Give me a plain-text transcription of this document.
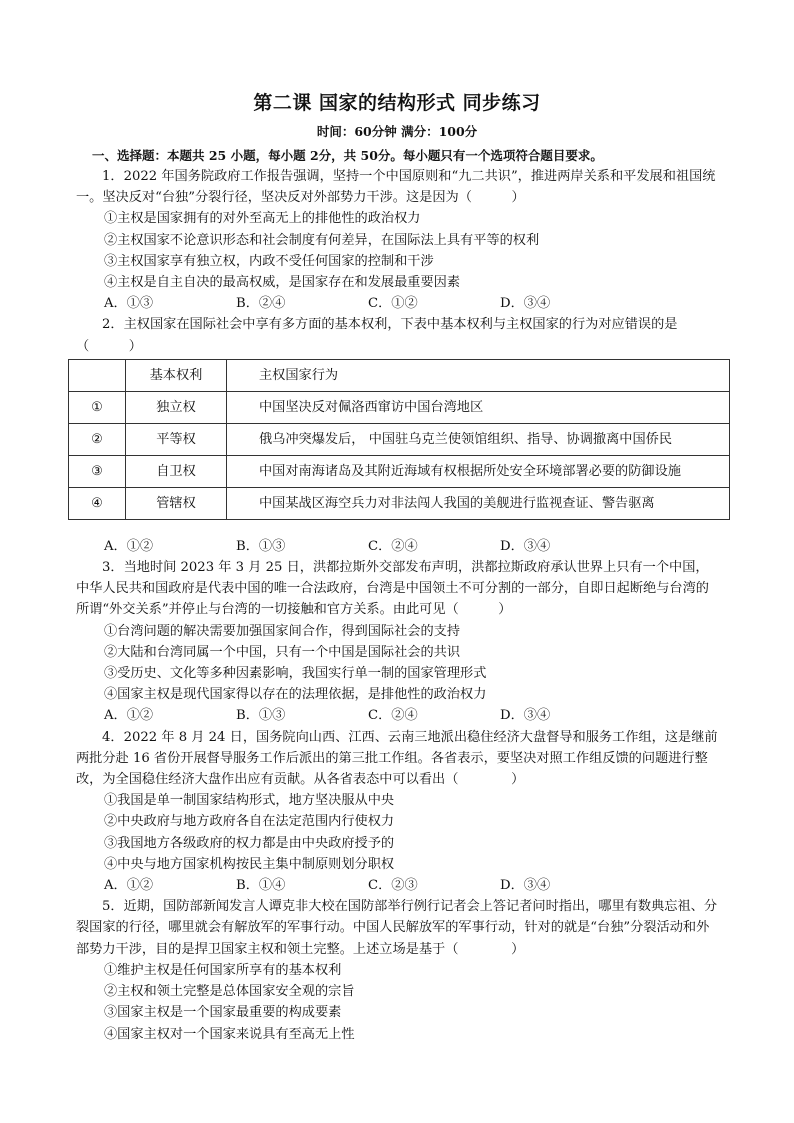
第二课 国家的结构形式 同步练习
时间：60分钟 满分：100分
一、选择题：本题共 25 小题，每小题 2分，共 50分。每小题只有一个选项符合题目要求。

1．2022 年国务院政府工作报告强调，坚持一个中国原则和“九二共识”，推进两岸关系和平发展和祖国统一。坚决反对“台独”分裂行径，坚决反对外部势力干涉。这是因为（　　　）

①主权是国家拥有的对外至高无上的排他性的政治权力

②主权国家不论意识形态和社会制度有何差异，在国际法上具有平等的权利

③主权国家享有独立权，内政不受任何国家的控制和干涉

④主权是自主自决的最高权威，是国家存在和发展最重要因素

A．①③	B．②④	C．①②	D．③④

2．主权国家在国际社会中享有多方面的基本权利，下表中基本权利与主权国家的行为对应错误的是（　　　）

	基本权利	主权国家行为
①	独立权	中国坚决反对佩洛西窜访中国台湾地区
②	平等权	俄乌冲突爆发后， 中国驻乌克兰使领馆组织、指导、协调撤离中国侨民
③	自卫权	中国对南海诸岛及其附近海域有权根据所处安全环境部署必要的防御设施
④	管辖权	中国某战区海空兵力对非法闯人我国的美舰进行监视查证、警告驱离
A．①②	B．①③	C．②④	D．③④

3．当地时间 2023 年 3 月 25 日，洪都拉斯外交部发布声明，洪都拉斯政府承认世界上只有一个中国，中华人民共和国政府是代表中国的唯一合法政府，台湾是中国领土不可分割的一部分，自即日起断绝与台湾的所谓“外交关系”并停止与台湾的一切接触和官方关系。由此可见（　　　）

①台湾问题的解决需要加强国家间合作，得到国际社会的支持

②大陆和台湾同属一个中国，只有一个中国是国际社会的共识

③受历史、文化等多种因素影响，我国实行单一制的国家管理形式

④国家主权是现代国家得以存在的法理依据，是排他性的政治权力

A．①②	B．①③	C．②④	D．③④

4．2022 年 8 月 24 日，国务院向山西、江西、云南三地派出稳住经济大盘督导和服务工作组，这是继前两批分赴 16 省份开展督导服务工作后派出的第三批工作组。各省表示，要坚决对照工作组反馈的问题进行整改，为全国稳住经济大盘作出应有贡献。从各省表态中可以看出（　　　　）

①我国是单一制国家结构形式，地方坚决服从中央

②中央政府与地方政府各自在法定范围内行使权力

③我国地方各级政府的权力都是由中央政府授予的

④中央与地方国家机构按民主集中制原则划分职权

A．①②	B．①④	C．②③	D．③④

5．近期，国防部新闻发言人谭克非大校在国防部举行例行记者会上答记者问时指出，哪里有数典忘祖、分裂国家的行径，哪里就会有解放军的军事行动。中国人民解放军的军事行动，针对的就是“台独”分裂活动和外部势力干涉，目的是捍卫国家主权和领土完整。上述立场是基于（　　　　）

①维护主权是任何国家所享有的基本权利

②主权和领土完整是总体国家安全观的宗旨

③国家主权是一个国家最重要的构成要素

④国家主权对一个国家来说具有至高无上性
